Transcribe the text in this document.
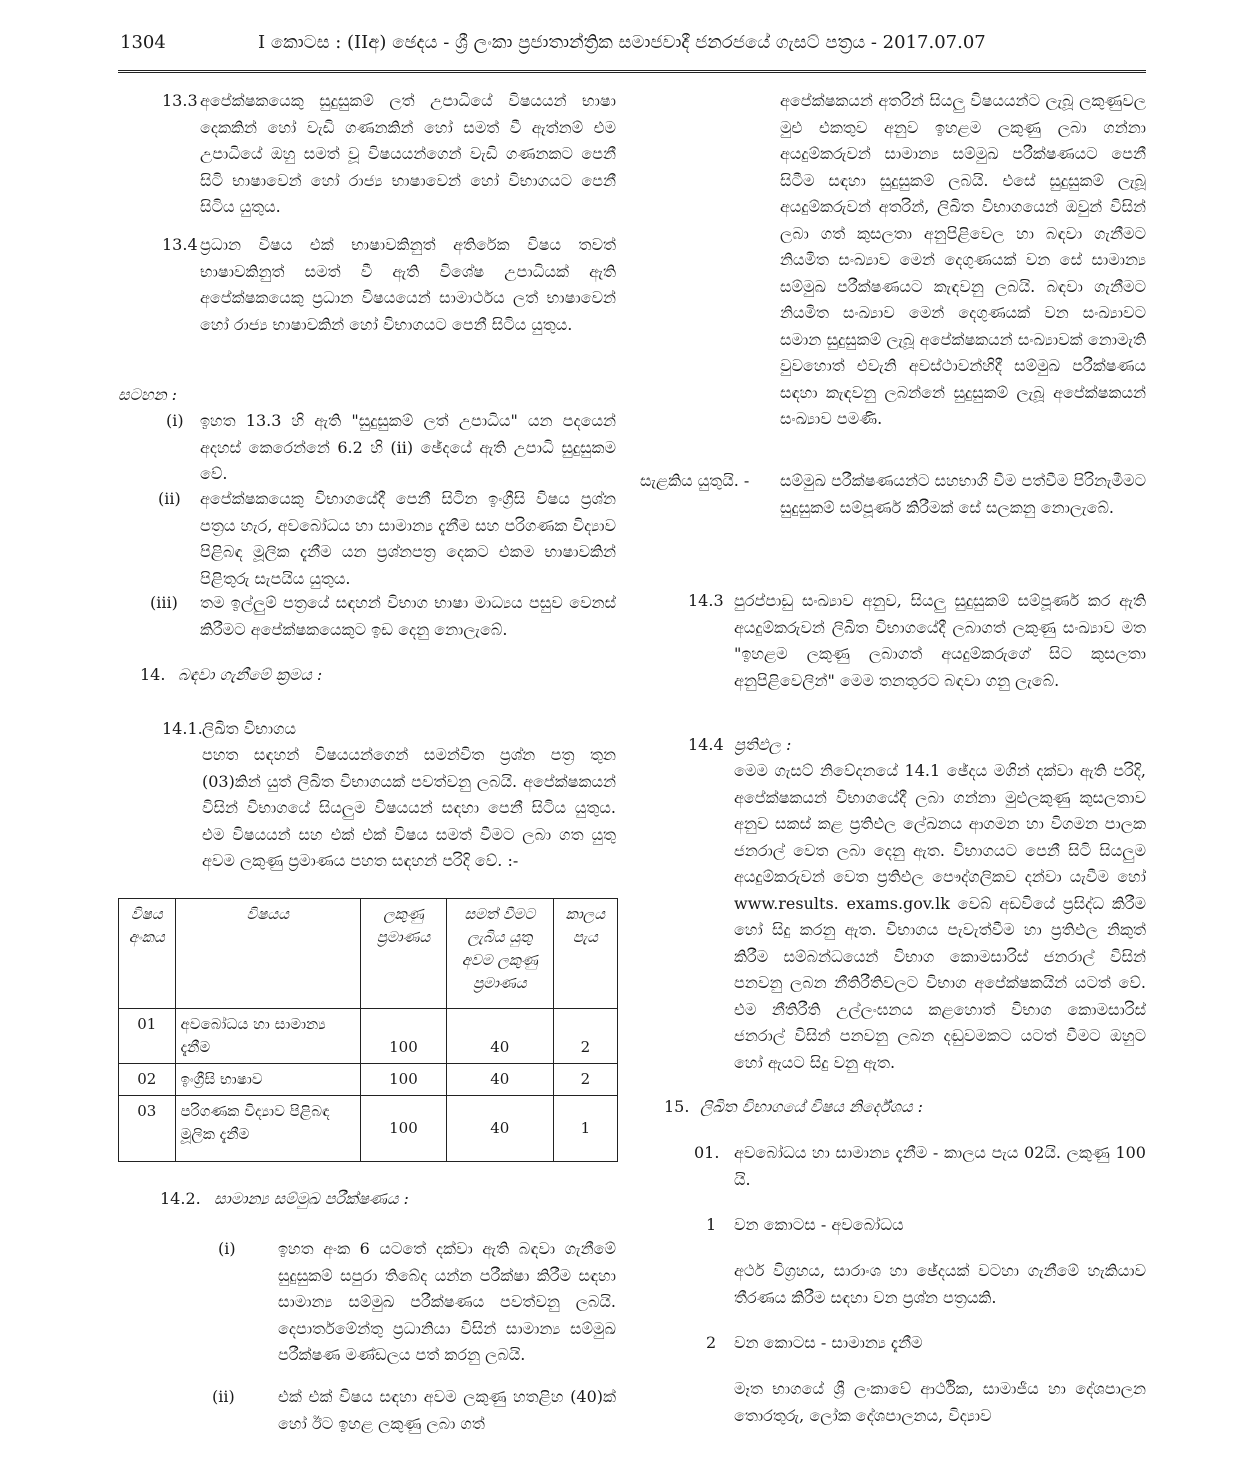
1304	I කොටස : (IIඅ) ඡෙදය - ශ්‍රී ලංකා ප්‍රජාතාන්ත්‍රික සමාජවාදී ජනරජයේ ගැසට් පත්‍රය - 2017.07.07
13.3 අපේක්ෂකයෙකු සුදුසුකම් ලත් උපාධියේ විෂයයන් භාෂා දෙකකින් හෝ වැඩි ගණනකින් හෝ සමත් වී ඇත්නම් එම උපාධියේ ඔහු සමත් වූ විෂයයන්ගෙන් වැඩි ගණනකට පෙනී සිටි භාෂාවෙන් හෝ රාජ්‍ය භාෂාවෙන් හෝ විභාගයට පෙනී සිටිය යුතුය.
13.4 ප්‍රධාන විෂය එක් භාෂාවකිනුත් අතිරේක විෂය තවත් භාෂාවකිනුත් සමත් වී ඇති විශේෂ උපාධියක් ඇති අපේක්ෂකයෙකු ප්‍රධාන විෂයයෙන් සාමාර්ථය ලත් භාෂාවෙන් හෝ රාජ්‍ය භාෂාවකින් හෝ විභාගයට පෙනී සිටිය යුතුය.
සටහන :
(i) ඉහත 13.3 හි ඇති "සුදුසුකම් ලත් උපාධිය" යන පදයෙන් අදහස් කෙරෙන්නේ 6.2 හි (ii) ඡේදයේ ඇති උපාධි සුදුසුකම වේ.
(ii) අපේක්ෂකයෙකු විභාගයේදී පෙනී සිටින ඉංග්‍රීසි විෂය ප්‍රශ්න පත්‍රය හැර, අවබෝධය හා සාමාන්‍ය දැනීම සහ පරිගණක විද්‍යාව පිළිබඳ මූලික දැනීම යන ප්‍රශ්නපත්‍ර දෙකට එකම භාෂාවකින් පිළිතුරු සැපයිය යුතුය.
(iii) තම ඉල්ලුම් පත්‍රයේ සඳහන් විභාග භාෂා මාධ්‍යය පසුව වෙනස් කිරීමට අපේක්ෂකයෙකුට ඉඩ දෙනු නොලැබේ.
14. බඳවා ගැනීමේ ක්‍රමය :
14.1. ලිඛිත විභාගය
පහත සඳහන් විෂයයන්ගෙන් සමන්විත ප්‍රශ්න පත්‍ර තුන (03)කින් යුත් ලිඛිත විභාගයක් පවත්වනු ලබයි. අපේක්ෂකයන් විසින් විභාගයේ සියලුම විෂයයන් සඳහා පෙනී සිටිය යුතුය. එම විෂයයන් සහ එක් එක් විෂය සමත් වීමට ලබා ගත යුතු අවම ලකුණු ප්‍රමාණය පහත සඳහන් පරිදි වේ. :-
විෂය අංකය	විෂයය	ලකුණු ප්‍රමාණය	සමත් වීමට ලැබිය යුතු අවම ලකුණු ප්‍රමාණය	කාලය පැය
01	අවබෝධය හා සාමාන්‍ය දැනීම	100	40	2
02	ඉංග්‍රීසි භාෂාව	100	40	2
03	පරිගණක විද්‍යාව පිළිබඳ මූලික දැනීම	100	40	1
14.2. සාමාන්‍ය සම්මුඛ පරීක්ෂණය :
(i)	ඉහත අංක 6 යටතේ දක්වා ඇති බඳවා ගැනීමේ සුදුසුකම් සපුරා තිබේද යන්න පරීක්ෂා කිරීම සඳහා සාමාන්‍ය සම්මුඛ පරීක්ෂණය පවත්වනු ලබයි. දෙපාර්තමේන්තු ප්‍රධානියා විසින් සාමාන්‍ය සම්මුඛ පරීක්ෂණ මණ්ඩලය පත් කරනු ලබයි.
(ii)	එක් එක් විෂය සඳහා අවම ලකුණු හතළිහ (40)ක් හෝ ඊට ඉහළ ලකුණු ලබා ගත්
අපේක්ෂකයන් අතරින් සියලු විෂයයන්ට ලැබූ ලකුණුවල මුළු එකතුව අනුව ඉහළම ලකුණු ලබා ගන්නා අයදුම්කරුවන් සාමාන්‍ය සම්මුඛ පරීක්ෂණයට පෙනී සිටීම සඳහා සුදුසුකම් ලබයි. එසේ සුදුසුකම් ලැබූ අයදුම්කරුවන් අතරින්, ලිඛිත විභාගයෙන් ඔවුන් විසින් ලබා ගත් කුසලතා අනුපිළිවෙල හා බඳවා ගැනීමට නියමිත සංඛ්‍යාව මෙන් දෙගුණයක් වන සේ සාමාන්‍ය සම්මුඛ පරීක්ෂණයට කැඳවනු ලබයි. බඳවා ගැනීමට නියමිත සංඛ්‍යාව මෙන් දෙගුණයක් වන සංඛ්‍යාවට සමාන සුදුසුකම් ලැබූ අපේක්ෂකයන් සංඛ්‍යාවක් නොමැති වුවහොත් එවැනි අවස්ථාවන්හිදී සම්මුඛ පරීක්ෂණය සඳහා කැඳවනු ලබන්නේ සුදුසුකම් ලැබූ අපේක්ෂකයන් සංඛ්‍යාව පමණි.
සැළකිය යුතුයි. - සම්මුඛ පරීක්ෂණයන්ට සහභාගි වීම පත්වීම පිරිනැමීමට සුදුසුකම් සම්පූර්ණ කිරීමක් සේ සලකනු නොලැබේ.
14.3 පුරප්පාඩු සංඛ්‍යාව අනුව, සියලු සුදුසුකම් සම්පූර්ණ කර ඇති අයදුම්කරුවන් ලිඛිත විභාගයේදී ලබාගත් ලකුණු සංඛ්‍යාව මත "ඉහළම ලකුණු ලබාගත් අයදුම්කරුගේ සිට කුසලතා අනුපිළිවෙලින්" මෙම තනතුරට බඳවා ගනු ලැබේ.
14.4 ප්‍රතිඵල :
මෙම ගැසට් නිවේදනයේ 14.1 ඡේදය මගින් දක්වා ඇති පරිදි, අපේක්ෂකයන් විභාගයේදී ලබා ගන්නා මුළුලකුණු කුසලතාව අනුව සකස් කළ ප්‍රතිඵල ලේඛනය ආගමන හා විගමන පාලක ජනරාල් වෙත ලබා දෙනු ඇත. විභාගයට පෙනී සිටි සියලුම අයදුම්කරුවන් වෙත ප්‍රතිඵල පෞද්ගලිකව දන්වා යැවීම හෝ www.results. exams.gov.lk වෙබ් අඩවියේ ප්‍රසිද්ධ කිරීම හෝ සිදු කරනු ඇත. විභාගය පැවැත්වීම හා ප්‍රතිඵල නිකුත් කිරීම සම්බන්ධයෙන් විභාග කොමසාරිස් ජනරාල් විසින් පනවනු ලබන නීතිරීතිවලට විභාග අපේක්ෂකයින් යටත් වේ. එම නීතිරීති උල්ලංඝනය කළහොත් විභාග කොමසාරිස් ජනරාල් විසින් පනවනු ලබන දඬුවමකට යටත් වීමට ඔහුට හෝ ඇයට සිදු වනු ඇත.
15. ලිඛිත විභාගයේ විෂය නිර්දේශය :
01. අවබෝධය හා සාමාන්‍ය දැනීම - කාලය පැය 02යි. ලකුණු 100 යි.
1 වන කොටස - අවබෝධය
අර්ථ විග්‍රහය, සාරාංශ හා ඡේදයක් වටහා ගැනීමේ හැකියාව තීරණය කිරීම සඳහා වන ප්‍රශ්න පත්‍රයකි.
2 වන කොටස - සාමාන්‍ය දැනීම
මෑත භාගයේ ශ්‍රී ලංකාවේ ආර්ථික, සාමාජීය හා දේශපාලන තොරතුරු, ලෝක දේශපාලනය, විද්‍යාව
